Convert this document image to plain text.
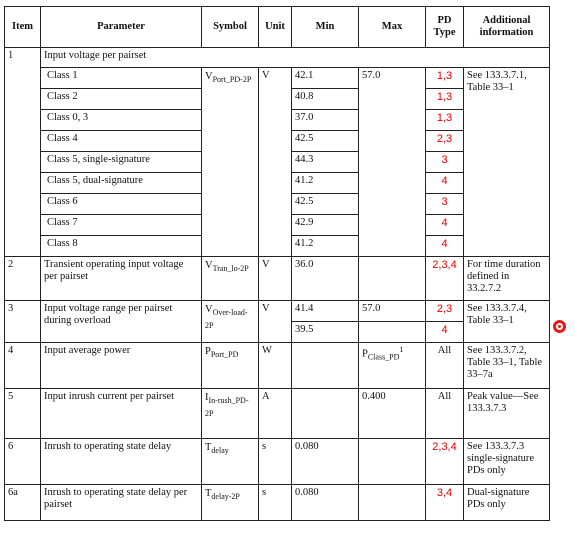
Item	Parameter	Symbol	Unit	Min	Max	PD Type	Additional information
1	Input voltage per pairset						
	Class 1	$V_{Port\_PD-2P}$	V	42.1	57.0	1,3	See 133.3.7.1, Table 33–1
	Class 2			40.8		1,3	
	Class 0, 3			37.0		1,3	
	Class 4			42.5		2,3	
	Class 5, single-signature			44.3		3	
	Class 5, dual-signature			41.2		4	
	Class 6			42.5		3	
	Class 7			42.9		4	
	Class 8			41.2		4	
2	Transient operating input voltage per pairset	$V_{Tran\_lo-2P}$	V	36.0		2,3,4	For time duration defined in 33.2.7.2
3	Input voltage range per pairset during overload	$V_{Over-load-2P}$	V	41.4	57.0	2,3	See 133.3.7.4, Table 33–1
				39.5		4	
4	Input average power	$P_{Port\_PD}$	W		$P_{Class\_PD}^1$	All	See 133.3.7.2, Table 33–1, Table 33–7a
5	Input inrush current per pairset	$I_{In-rush\_PD-2P}$	A		0.400	All	Peak value—See 133.3.7.3
6	Inrush to operating state delay	$T_{delay}$	s	0.080		2,3,4	See 133.3.7.3 single-signature PDs only
6a	Inrush to operating state delay per pairset	$T_{delay-2P}$	s	0.080		3,4	Dual-signature PDs only
